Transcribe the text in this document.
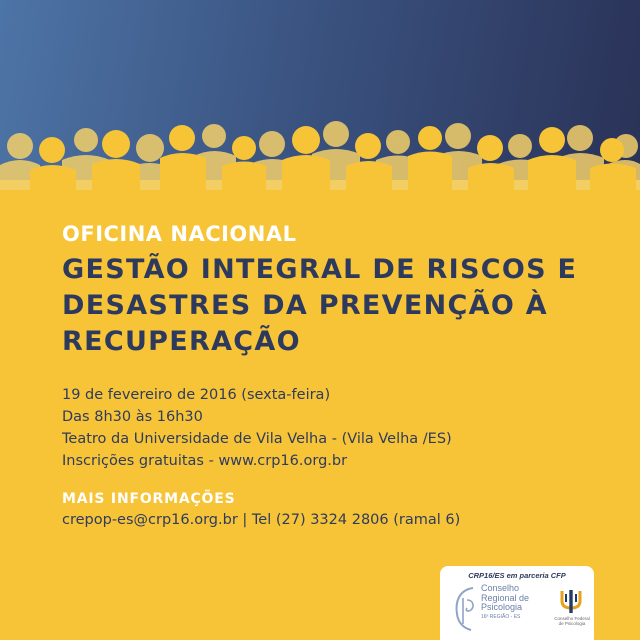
OFICINA NACIONAL
GESTÃO INTEGRAL DE RISCOS E DESASTRES DA PREVENÇÃO À RECUPERAÇÃO
19 de fevereiro de 2016 (sexta-feira)
Das 8h30 às 16h30
Teatro da Universidade de Vila Velha - (Vila Velha /ES)
Inscrições gratuitas - www.crp16.org.br
MAIS INFORMAÇÕES
crepop-es@crp16.org.br | Tel (27) 3324 2806 (ramal 6)
CRP16/ES em parceria CFP
Conselho
Regional de
Psicologia
16ª REGIÃO - ES	Conselho Federal de Psicologia
